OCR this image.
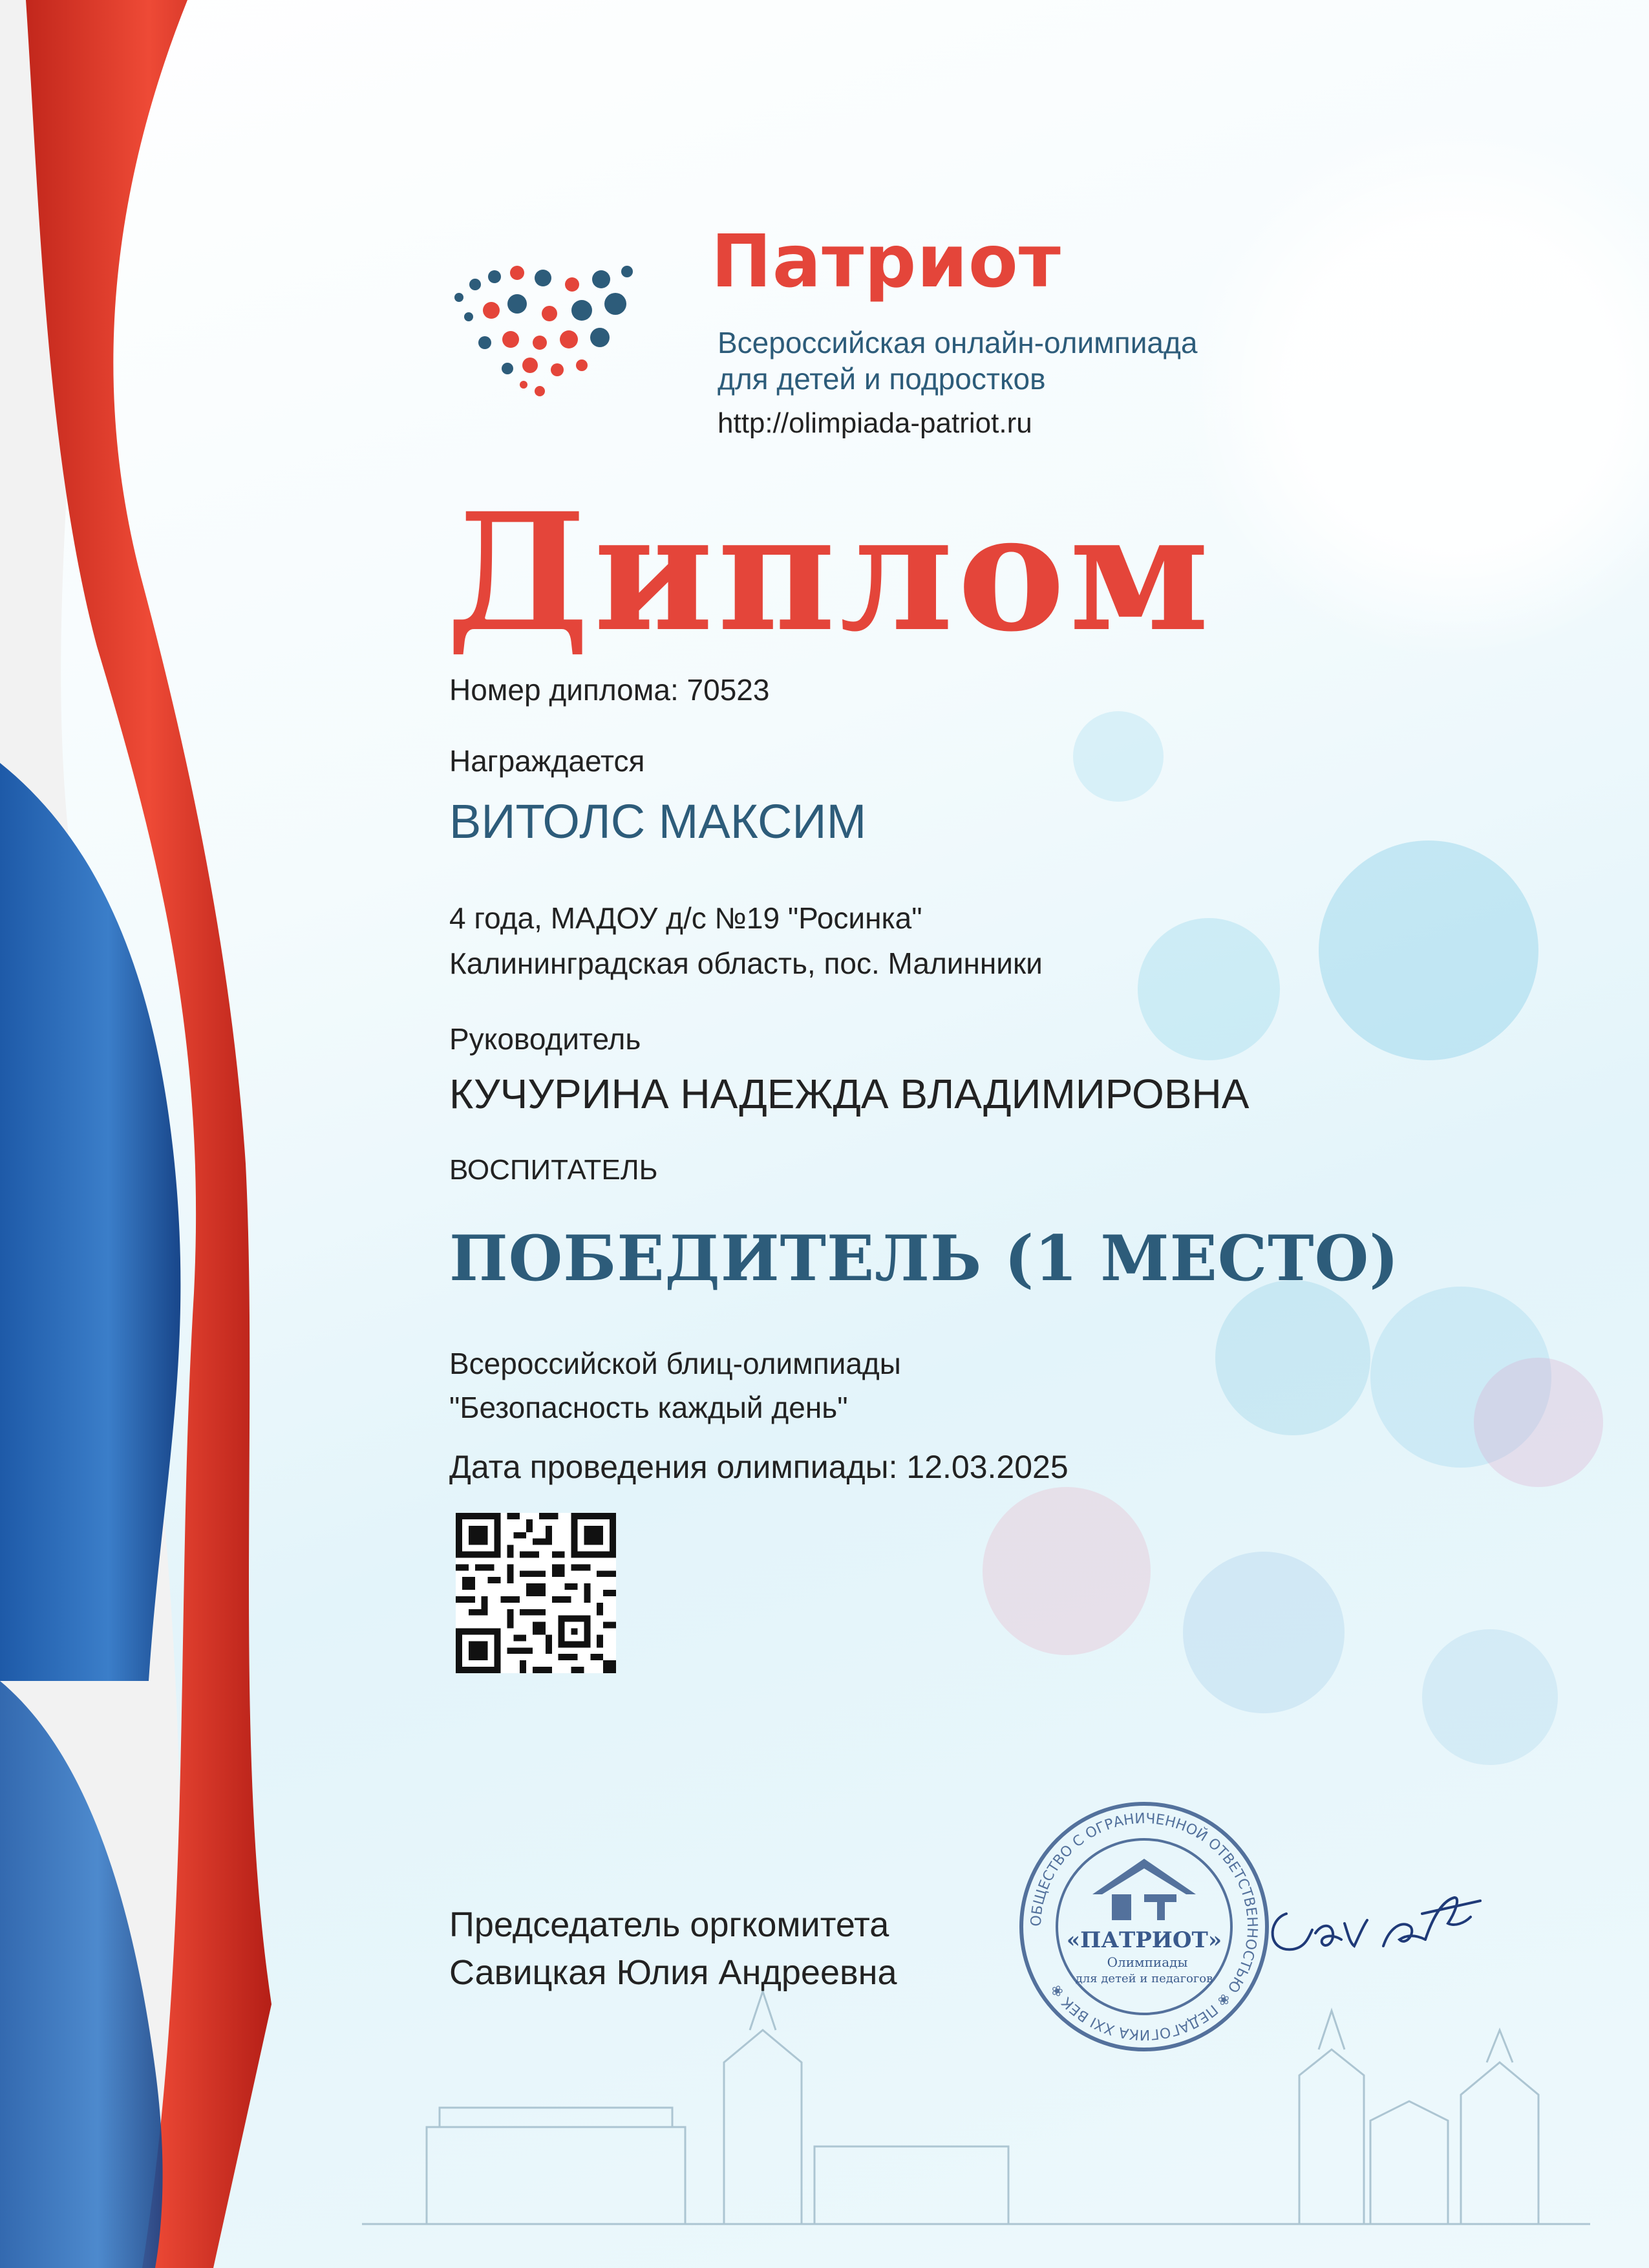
Патриот
Всероссийская онлайн-олимпиада
для детей и подростков
http://olimpiada-patriot.ru
Диплом
Номер диплома: 70523
Награждается
ВИТОЛС МАКСИМ
4 года, МАДОУ д/с №19 "Росинка"
Калининградская область, пос. Малинники
Руководитель
КУЧУРИНА НАДЕЖДА ВЛАДИМИРОВНА
ВОСПИТАТЕЛЬ
ПОБЕДИТЕЛЬ (1 МЕСТО)
Всероссийской блиц-олимпиады
"Безопасность каждый день"
Дата проведения олимпиады: 12.03.2025
Председатель оргкомитета
Савицкая Юлия Андреевна
ОБЩЕСТВО С ОГРАНИЧЕННОЙ ОТВЕТСТВЕННОСТЬЮ ❀ ПЕДАГОГИКА XXI ВЕК ❀
«ПАТРИОТ»
Олимпиады
для детей и педагогов
